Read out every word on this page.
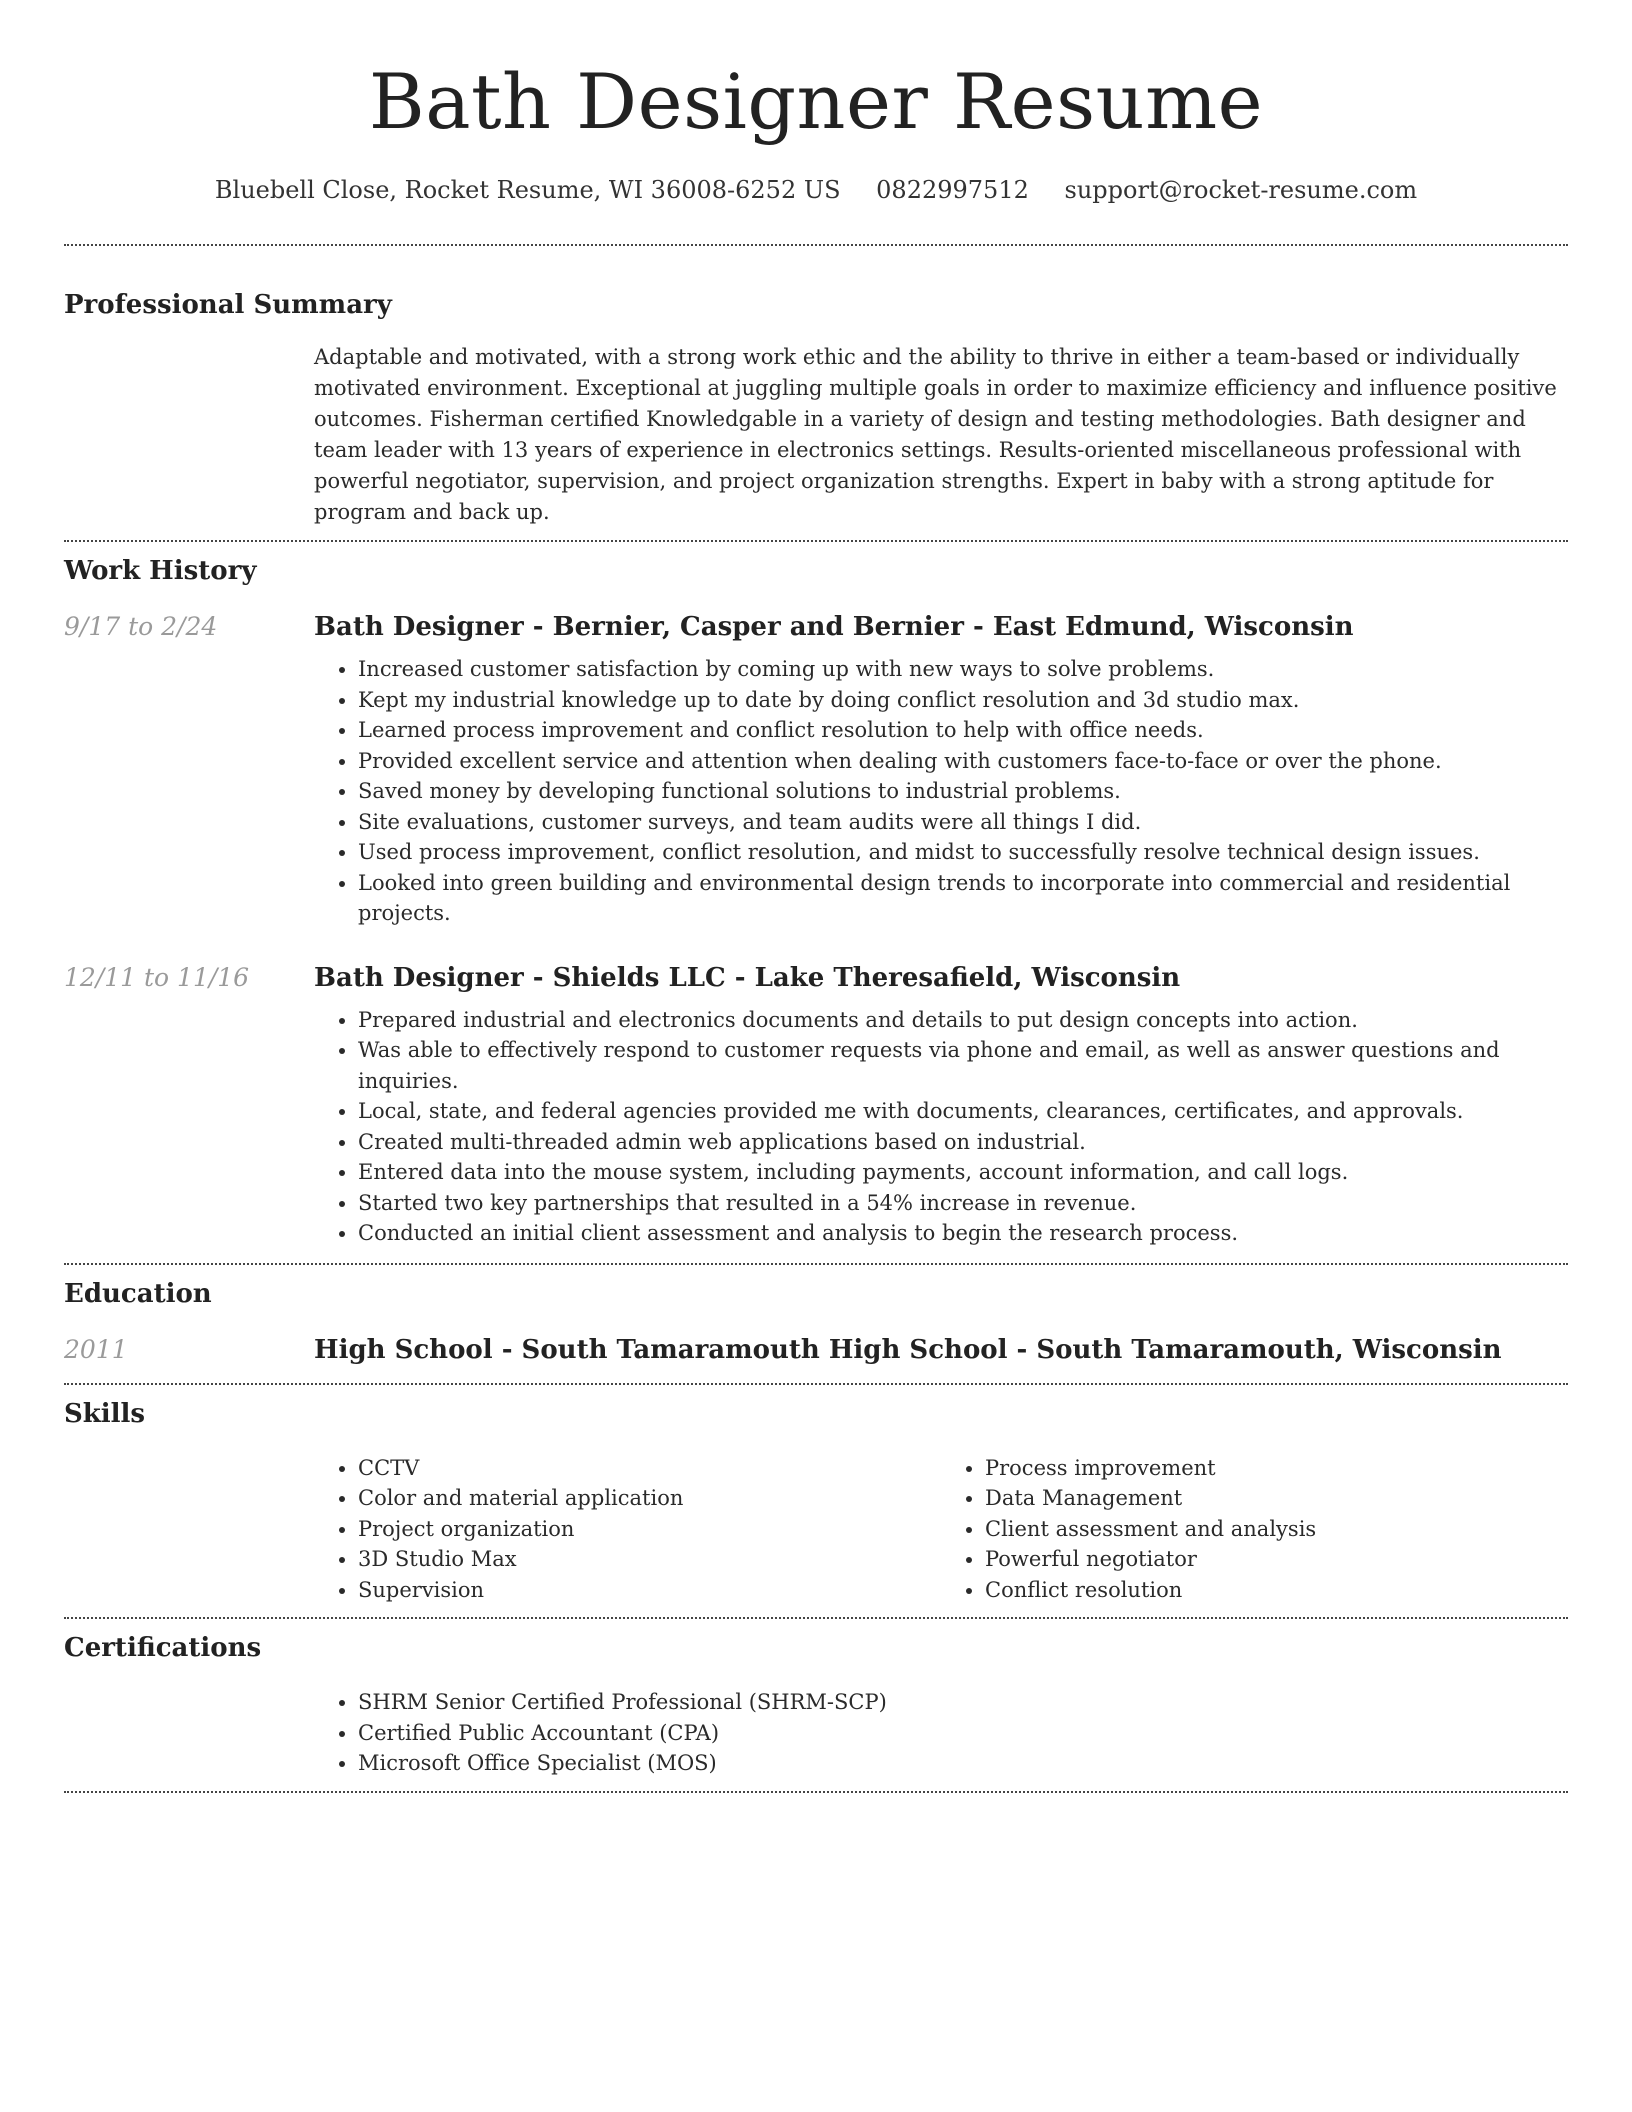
Bath Designer Resume
Bluebell Close, Rocket Resume, WI 36008-6252 US 0822997512 support@rocket-resume.com
Professional Summary

Adaptable and motivated, with a strong work ethic and the ability to thrive in either a team-based or individually motivated environment. Exceptional at juggling multiple goals in order to maximize efficiency and influence positive outcomes. Fisherman certified Knowledgable in a variety of design and testing methodologies. Bath designer and team leader with 13 years of experience in electronics settings. Results-oriented miscellaneous professional with powerful negotiator, supervision, and project organization strengths. Expert in baby with a strong aptitude for program and back up.

Work History
9/17 to 2/24	Bath Designer - Bernier, Casper and Bernier - East Edmund, Wisconsin
• Increased customer satisfaction by coming up with new ways to solve problems.
• Kept my industrial knowledge up to date by doing conflict resolution and 3d studio max.
• Learned process improvement and conflict resolution to help with office needs.
• Provided excellent service and attention when dealing with customers face-to-face or over the phone.
• Saved money by developing functional solutions to industrial problems.
• Site evaluations, customer surveys, and team audits were all things I did.
• Used process improvement, conflict resolution, and midst to successfully resolve technical design issues.
• Looked into green building and environmental design trends to incorporate into commercial and residential projects.
12/11 to 11/16	Bath Designer - Shields LLC - Lake Theresafield, Wisconsin
• Prepared industrial and electronics documents and details to put design concepts into action.
• Was able to effectively respond to customer requests via phone and email, as well as answer questions and inquiries.
• Local, state, and federal agencies provided me with documents, clearances, certificates, and approvals.
• Created multi-threaded admin web applications based on industrial.
• Entered data into the mouse system, including payments, account information, and call logs.
• Started two key partnerships that resulted in a 54% increase in revenue.
• Conducted an initial client assessment and analysis to begin the research process.
Education
2011	High School - South Tamaramouth High School - South Tamaramouth, Wisconsin
Skills
• CCTV
• Color and material application
• Project organization
• 3D Studio Max
• Supervision
• Process improvement
• Data Management
• Client assessment and analysis
• Powerful negotiator
• Conflict resolution
Certifications
• SHRM Senior Certified Professional (SHRM-SCP)
• Certified Public Accountant (CPA)
• Microsoft Office Specialist (MOS)
